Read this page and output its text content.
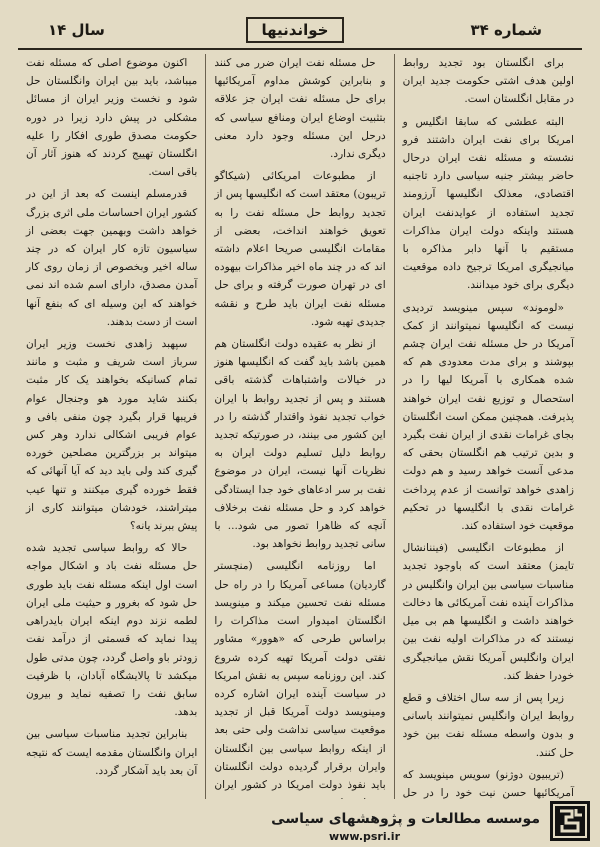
سال ۱۴	خواندنیها	شماره ۳۴

برای انگلستان بود تجدید روابط اولین هدف اشتی حکومت جدید ایران در مقابل انگلستان است.

البته عطشی که سابقا انگلیس و امریکا برای نفت ایران داشتند فرو نشسته و مسئله نفت ایران درحال حاضر بیشتر جنبه سیاسی دارد تاجنبه اقتصادی، معذلک انگلیسها آرزومند تجدید استفاده از عوایدنفت ایران هستند واینکه دولت ایران مذاکرات مستقیم با آنها دابر مذاکره با میانجیگری امریکا ترجیح داده موقعیت دیگری برای خود میدانند.

«لوموند» سپس مینویسد تردیدی نیست که انگلیسها نمیتوانند از کمک آمریکا در حل مسئله نفت ایران چشم بپوشند و برای مدت معدودی هم که شده همکاری با آمریکا لیها را در استحصال و توزیع نفت ایران خواهند پذیرفت. همچنین ممکن است انگلستان بجای غرامات نقدی از ایران نفت بگیرد و بدین ترتیب هم انگلستان بحقی که مدعی آنست خواهد رسید و هم دولت زاهدی خواهد توانست از عدم پرداخت غرامات نقدی با انگلیسها در تحکیم موقعیت خود استفاده کند.

از مطبوعات انگلیسی (فیننانشال تایمز) معتقد است که باوجود تجدید مناسبات سیاسی بین ایران وانگلیس در مذاکرات آینده نفت آمریکائی ها دخالت خواهند داشت و انگلیسها هم بی میل نیستند که در مذاکرات اولیه نفت بین ایران وانگلیس آمریکا نقش میانجیگری خودرا حفظ کند.

زیرا پس از سه سال اختلاف و قطع روابط ایران وانگلیس نمیتوانند باسانی و بدون واسطه مسئله نفت بین خود حل کنند.

(تریبیون دوژنو) سویس مینویسد که آمریکائیها حسن نیت خود را در حل

حل مسئله نفت ایران ضرر می کنند و بنابراین کوشش مداوم آمریکائیها برای حل مسئله نفت ایران جز علاقه بتثبیت اوضاع ایران ومنافع سیاسی که درحل این مسئله وجود دارد معنی دیگری ندارد.

از مطبوعات امریکائی (شیکاگو تریبون) معتقد است که انگلیسها پس از تجدید روابط حل مسئله نفت را به تعویق خواهند انداخت، بعضی از مقامات انگلیسی صریحا اعلام داشته اند که در چند ماه اخیر مذاکرات بیهوده ای در تهران صورت گرفته و برای حل مسئله نفت ایران باید طرح و نقشه جدیدی تهیه شود.

از نظر به عقیده دولت انگلستان هم همین باشد باید گفت که انگلیسها هنوز در خیالات واشتباهات گذشته باقی هستند و پس از تجدید روابط با ایران خواب تجدید نفوذ واقتدار گذشته را در این کشور می بینند، در صورتیکه تجدید روابط دلیل تسلیم دولت ایران به نظریات آنها نیست، ایران در موضوع نفت بر سر ادعاهای خود جدا ایستادگی خواهد کرد و حل مسئله نفت برخلاف آنچه که ظاهرا تصور می شود... با سانی تجدید روابط نخواهد بود.

اما روزنامه انگلیسی (منچستر گاردیان) مساعی آمریکا را در راه حل مسئله نفت تحسین میکند و مینویسد انگلستان امیدوار است مذاکرات را براساس طرحی که «هوور» مشاور نفتی دولت آمریکا تهیه کرده شروع کند. این روزنامه سپس به نقش امریکا در سیاست آینده ایران اشاره کرده ومینویسد دولت آمریکا قبل از تجدید موقعیت سیاسی نداشت ولی حتی بعد از اینکه روابط سیاسی بین انگلستان وایران برقرار گردیده دولت انگلستان باید نفوذ دولت امریکا در کشور ایران

اکنون موضوع اصلی که مسئله نفت میباشد، باید بین ایران وانگلستان حل شود و نخست وزیر ایران از مسائل مشکلی در پیش دارد زیرا در دوره حکومت مصدق طوری افکار را علیه انگلستان تهییج کردند که هنوز آثار آن باقی است.

قدرمسلم اینست که بعد از این در کشور ایران احساسات ملی اثری بزرگ خواهد داشت وبهمین جهت بعضی از سیاسیون تازه کار ایران که در چند ساله اخیر وبخصوص از زمان روی کار آمدن مصدق، دارای اسم شده اند نمی خواهند که این وسیله ای که بنفع آنها است از دست بدهند.

سپهبد زاهدی نخست وزیر ایران سرباز است شریف و مثبت و مانند تمام کسانیکه بخواهند یک کار مثبت بکنند شاید مورد هو وجنجال عوام فریبها قرار بگیرد چون منفی بافی و عوام فریبی اشکالی ندارد وهر کس میتواند بر بزرگترین مصلحین خورده گیری کند ولی باید دید که آیا آنهائی که فقط خورده گیری میکنند و تنها عیب میتراشند، خودشان میتوانند کاری از پیش ببرند یانه؟

حالا که روابط سیاسی تجدید شده حل مسئله نفت باد و اشکال مواجه است اول اینکه مسئله نفت باید طوری حل شود که بغرور و حیثیت ملی ایران لطمه نزند دوم اینکه ایران بایدراهی پیدا نماید که قسمتی از درآمد نفت زودتر باو واصل گردد، چون مدتی طول میکشد تا پالایشگاه آبادان، با ظرفیت سابق نفت را تصفیه نماید و بیرون بدهد.

بنابراین تجدید مناسبات سیاسی بین ایران وانگلستان مقدمه ایست که نتیجه آن بعد باید آشکار گردد.

موسسه مطالعات و پژوهشهای سیاسی
www.psri.ir
